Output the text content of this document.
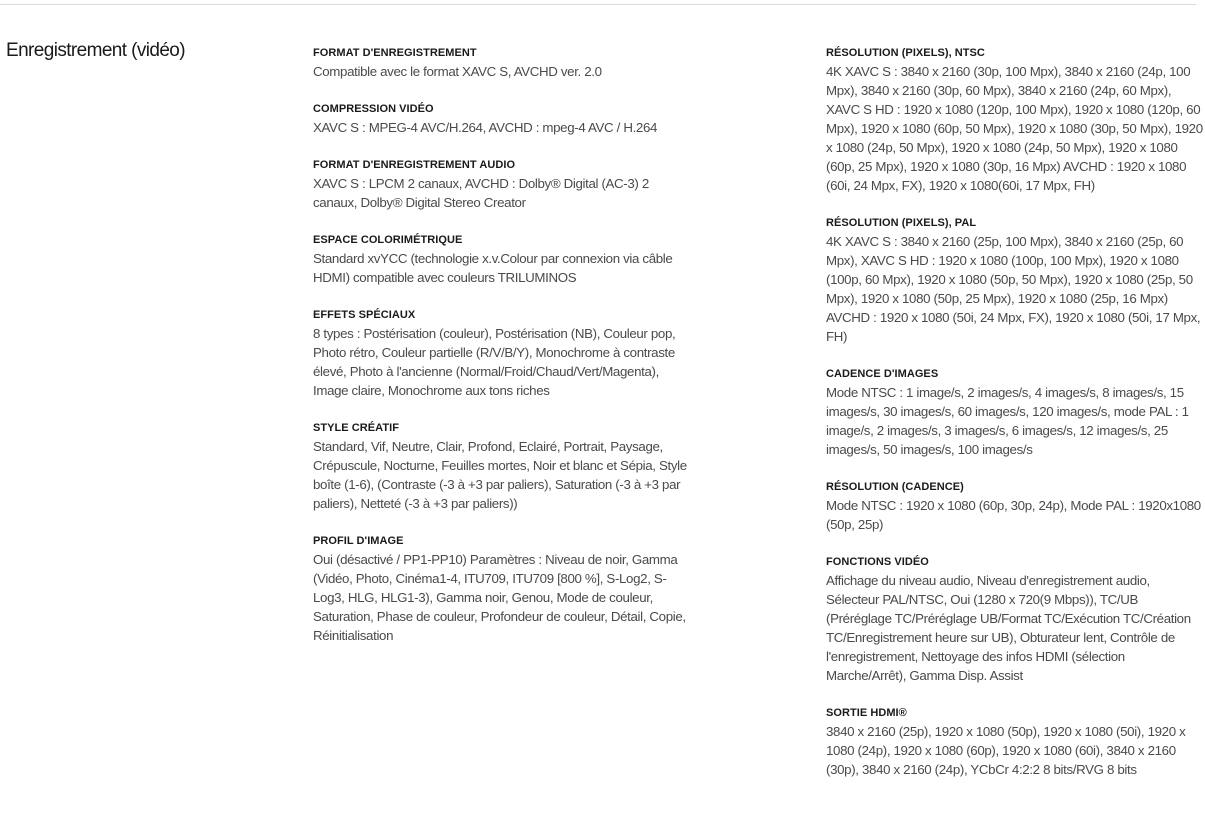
Enregistrement (vidéo)	FORMAT D'ENREGISTREMENT
Compatible avec le format XAVC S, AVCHD ver. 2.0
COMPRESSION VIDÉO
XAVC S : MPEG-4 AVC/H.264, AVCHD : mpeg-4 AVC / H.264
FORMAT D'ENREGISTREMENT AUDIO
XAVC S : LPCM 2 canaux, AVCHD : Dolby® Digital (AC-3) 2 canaux, Dolby® Digital Stereo Creator
ESPACE COLORIMÉTRIQUE
Standard xvYCC (technologie x.v.Colour par connexion via câble HDMI) compatible avec couleurs TRILUMINOS
EFFETS SPÉCIAUX
8 types : Postérisation (couleur), Postérisation (NB), Couleur pop, Photo rétro, Couleur partielle (R/V/B/Y), Monochrome à contraste élevé, Photo à l'ancienne (Normal/Froid/Chaud/Vert/Magenta), Image claire, Monochrome aux tons riches
STYLE CRÉATIF
Standard, Vif, Neutre, Clair, Profond, Eclairé, Portrait, Paysage, Crépuscule, Nocturne, Feuilles mortes, Noir et blanc et Sépia, Style boîte (1-6), (Contraste (-3 à +3 par paliers), Saturation (-3 à +3 par paliers), Netteté (-3 à +3 par paliers))
PROFIL D'IMAGE
Oui (désactivé / PP1-PP10) Paramètres : Niveau de noir, Gamma (Vidéo, Photo, Cinéma1-4, ITU709, ITU709 [800 %], S-Log2, S-Log3, HLG, HLG1-3), Gamma noir, Genou, Mode de couleur, Saturation, Phase de couleur, Profondeur de couleur, Détail, Copie, Réinitialisation
RÉSOLUTION (PIXELS), NTSC
4K XAVC S : 3840 x 2160 (30p, 100 Mpx), 3840 x 2160 (24p, 100 Mpx), 3840 x 2160 (30p, 60 Mpx), 3840 x 2160 (24p, 60 Mpx), XAVC S HD : 1920 x 1080 (120p, 100 Mpx), 1920 x 1080 (120p, 60 Mpx), 1920 x 1080 (60p, 50 Mpx), 1920 x 1080 (30p, 50 Mpx), 1920 x 1080 (24p, 50 Mpx), 1920 x 1080 (24p, 50 Mpx), 1920 x 1080 (60p, 25 Mpx), 1920 x 1080 (30p, 16 Mpx) AVCHD : 1920 x 1080 (60i, 24 Mpx, FX), 1920 x 1080(60i, 17 Mpx, FH)
RÉSOLUTION (PIXELS), PAL
4K XAVC S : 3840 x 2160 (25p, 100 Mpx), 3840 x 2160 (25p, 60 Mpx), XAVC S HD : 1920 x 1080 (100p, 100 Mpx), 1920 x 1080 (100p, 60 Mpx), 1920 x 1080 (50p, 50 Mpx), 1920 x 1080 (25p, 50 Mpx), 1920 x 1080 (50p, 25 Mpx), 1920 x 1080 (25p, 16 Mpx) AVCHD : 1920 x 1080 (50i, 24 Mpx, FX), 1920 x 1080 (50i, 17 Mpx, FH)
CADENCE D'IMAGES
Mode NTSC : 1 image/s, 2 images/s, 4 images/s, 8 images/s, 15 images/s, 30 images/s, 60 images/s, 120 images/s, mode PAL : 1 image/s, 2 images/s, 3 images/s, 6 images/s, 12 images/s, 25 images/s, 50 images/s, 100 images/s
RÉSOLUTION (CADENCE)
Mode NTSC : 1920 x 1080 (60p, 30p, 24p), Mode PAL : 1920x1080 (50p, 25p)
FONCTIONS VIDÉO
Affichage du niveau audio, Niveau d'enregistrement audio, Sélecteur PAL/NTSC, Oui (1280 x 720(9 Mbps)), TC/UB (Préréglage TC/Préréglage UB/Format TC/Exécution TC/Création TC/Enregistrement heure sur UB), Obturateur lent, Contrôle de l'enregistrement, Nettoyage des infos HDMI (sélection Marche/Arrêt), Gamma Disp. Assist
SORTIE HDMI®
3840 x 2160 (25p), 1920 x 1080 (50p), 1920 x 1080 (50i), 1920 x 1080 (24p), 1920 x 1080 (60p), 1920 x 1080 (60i), 3840 x 2160 (30p), 3840 x 2160 (24p), YCbCr 4:2:2 8 bits/RVG 8 bits
